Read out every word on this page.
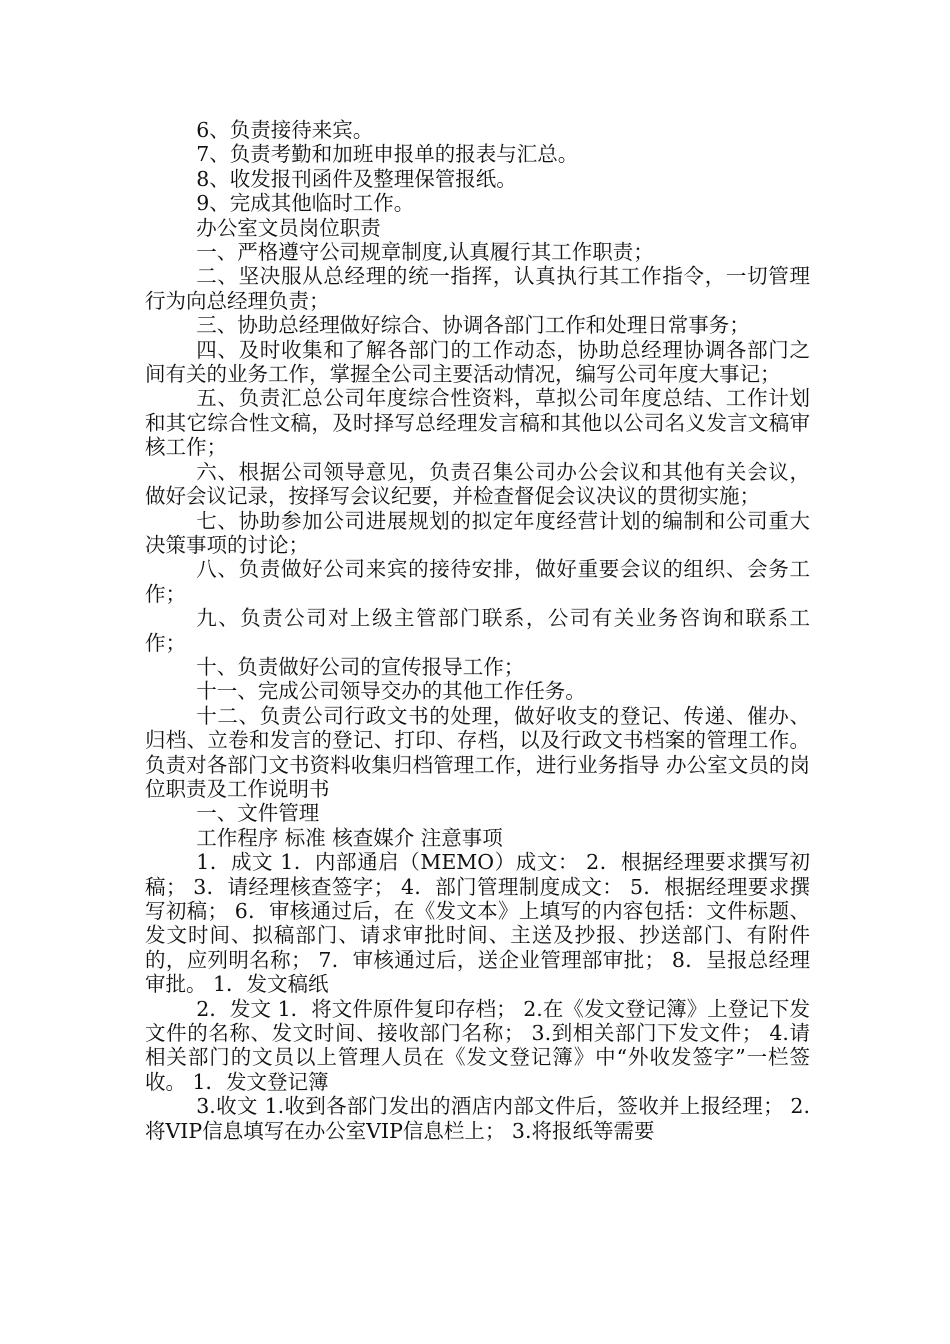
6、负责接待来宾。

7、负责考勤和加班申报单的报表与汇总。

8、收发报刊函件及整理保管报纸。

9、完成其他临时工作。

办公室文员岗位职责

一、严格遵守公司规章制度,认真履行其工作职责；

二、坚决服从总经理的统一指挥，认真执行其工作指令，一切管理行为向总经理负责；

三、协助总经理做好综合、协调各部门工作和处理日常事务；

四、及时收集和了解各部门的工作动态，协助总经理协调各部门之间有关的业务工作，掌握全公司主要活动情况，编写公司年度大事记；

五、负责汇总公司年度综合性资料，草拟公司年度总结、工作计划和其它综合性文稿，及时择写总经理发言稿和其他以公司名义发言文稿审核工作；

六、根据公司领导意见，负责召集公司办公会议和其他有关会议，做好会议记录，按择写会议纪要，并检查督促会议决议的贯彻实施；

七、协助参加公司进展规划的拟定年度经营计划的编制和公司重大决策事项的讨论；

八、负责做好公司来宾的接待安排，做好重要会议的组织、会务工作；

九、负责公司对上级主管部门联系，公司有关业务咨询和联系工作；

十、负责做好公司的宣传报导工作；

十一、完成公司领导交办的其他工作任务。

十二、负责公司行政文书的处理，做好收支的登记、传递、催办、归档、立卷和发言的登记、打印、存档，以及行政文书档案的管理工作。负责对各部门文书资料收集归档管理工作，进行业务指导 办公室文员的岗位职责及工作说明书

一、文件管理

工作程序 标准 核查媒介 注意事项

1．成文 1．内部通启（MEMO）成文： 2．根据经理要求撰写初稿； 3．请经理核查签字； 4．部门管理制度成文： 5．根据经理要求撰写初稿； 6．审核通过后，在《发文本》上填写的内容包括：文件标题、发文时间、拟稿部门、请求审批时间、主送及抄报、抄送部门、有附件的，应列明名称； 7．审核通过后，送企业管理部审批； 8．呈报总经理审批。 1．发文稿纸

2．发文 1．将文件原件复印存档； 2.在《发文登记簿》上登记下发文件的名称、发文时间、接收部门名称； 3.到相关部门下发文件； 4.请相关部门的文员以上管理人员在《发文登记簿》中“外收发签字”一栏签收。 1．发文登记簿

3.收文 1.收到各部门发出的酒店内部文件后，签收并上报经理； 2.将VIP信息填写在办公室VIP信息栏上； 3.将报纸等需要
